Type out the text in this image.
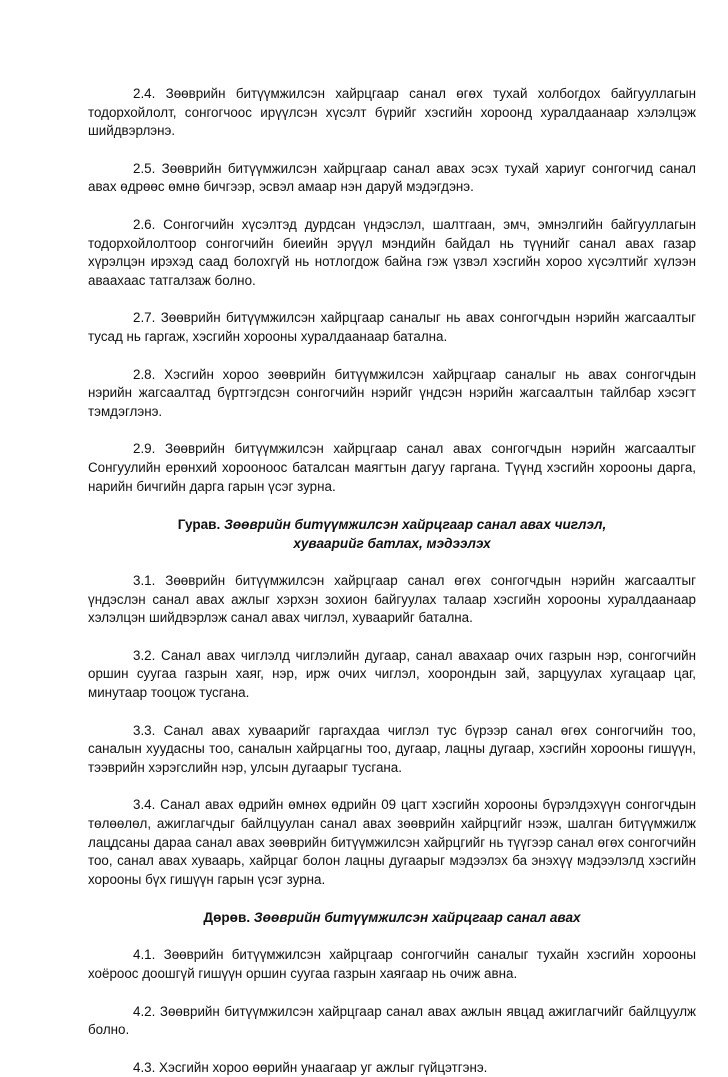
2.4. Зөөврийн битүүмжилсэн хайрцгаар санал өгөх тухай холбогдох байгууллагын тодорхойлолт, сонгогчоос ирүүлсэн хүсэлт бүрийг хэсгийн хороонд хуралдаанаар хэлэлцэж шийдвэрлэнэ.

2.5. Зөөврийн битүүмжилсэн хайрцгаар санал авах эсэх тухай хариуг сонгогчид санал авах өдрөөс өмнө бичгээр, эсвэл амаар нэн даруй мэдэгдэнэ.

2.6. Сонгогчийн хүсэлтэд дурдсан үндэслэл, шалтгаан, эмч, эмнэлгийн байгууллагын тодорхойлолтоор сонгогчийн биеийн эрүүл мэндийн байдал нь түүнийг санал авах газар хүрэлцэн ирэхэд саад болохгүй нь нотлогдож байна гэж үзвэл хэсгийн хороо хүсэлтийг хүлээн аваахаас татгалзаж болно.

2.7. Зөөврийн битүүмжилсэн хайрцгаар саналыг нь авах сонгогчдын нэрийн жагсаалтыг тусад нь гаргаж, хэсгийн хорооны хуралдаанаар батална.

2.8. Хэсгийн хороо зөөврийн битүүмжилсэн хайрцгаар саналыг нь авах сонгогчдын нэрийн жагсаалтад бүртгэгдсэн сонгогчийн нэрийг үндсэн нэрийн жагсаалтын тайлбар хэсэгт тэмдэглэнэ.

2.9. Зөөврийн битүүмжилсэн хайрцгаар санал авах сонгогчдын нэрийн жагсаалтыг Сонгуулийн ерөнхий хорооноос баталсан маягтын дагуу гаргана. Түүнд хэсгийн хорооны дарга, нарийн бичгийн дарга гарын үсэг зурна.

Гурав. Зөөврийн битүүмжилсэн хайрцгаар санал авах чиглэл,
хуваарийг батлах, мэдээлэх

3.1. Зөөврийн битүүмжилсэн хайрцгаар санал өгөх сонгогчдын нэрийн жагсаалтыг үндэслэн санал авах ажлыг хэрхэн зохион байгуулах талаар хэсгийн хорооны хуралдаанаар хэлэлцэн шийдвэрлэж санал авах чиглэл, хуваарийг батална.

3.2. Санал авах чиглэлд чиглэлийн дугаар, санал авахаар очих газрын нэр, сонгогчийн оршин суугаа газрын хаяг, нэр, ирж очих чиглэл, хоорондын зай, зарцуулах хугацаар цаг, минутаар тооцож тусгана.

3.3. Санал авах хуваарийг гаргахдаа чиглэл тус бүрээр санал өгөх сонгогчийн тоо, саналын хуудасны тоо, саналын хайрцагны тоо, дугаар, лацны дугаар, хэсгийн хорооны гишүүн, тээврийн хэрэгслийн нэр, улсын дугаарыг тусгана.

3.4. Санал авах өдрийн өмнөх өдрийн 09 цагт хэсгийн хорооны бүрэлдэхүүн сонгогчдын төлөөлөл, ажиглагчдыг байлцуулан санал авах зөөврийн хайрцгийг нээж, шалган битүүмжилж лацдсаны дараа санал авах зөөврийн битүүмжилсэн хайрцгийг нь түүгээр санал өгөх сонгогчийн тоо, санал авах хуваарь, хайрцаг болон лацны дугаарыг мэдээлэх ба энэхүү мэдээлэлд хэсгийн хорооны бүх гишүүн гарын үсэг зурна.

Дөрөв. Зөөврийн битүүмжилсэн хайрцгаар санал авах

4.1. Зөөврийн битүүмжилсэн хайрцгаар сонгогчийн саналыг тухайн хэсгийн хорооны хоёроос доошгүй гишүүн оршин суугаа газрын хаягаар нь очиж авна.

4.2. Зөөврийн битүүмжилсэн хайрцгаар санал авах ажлын явцад ажиглагчийг байлцуулж болно.

4.3. Хэсгийн хороо өөрийн унаагаар уг ажлыг гүйцэтгэнэ.
